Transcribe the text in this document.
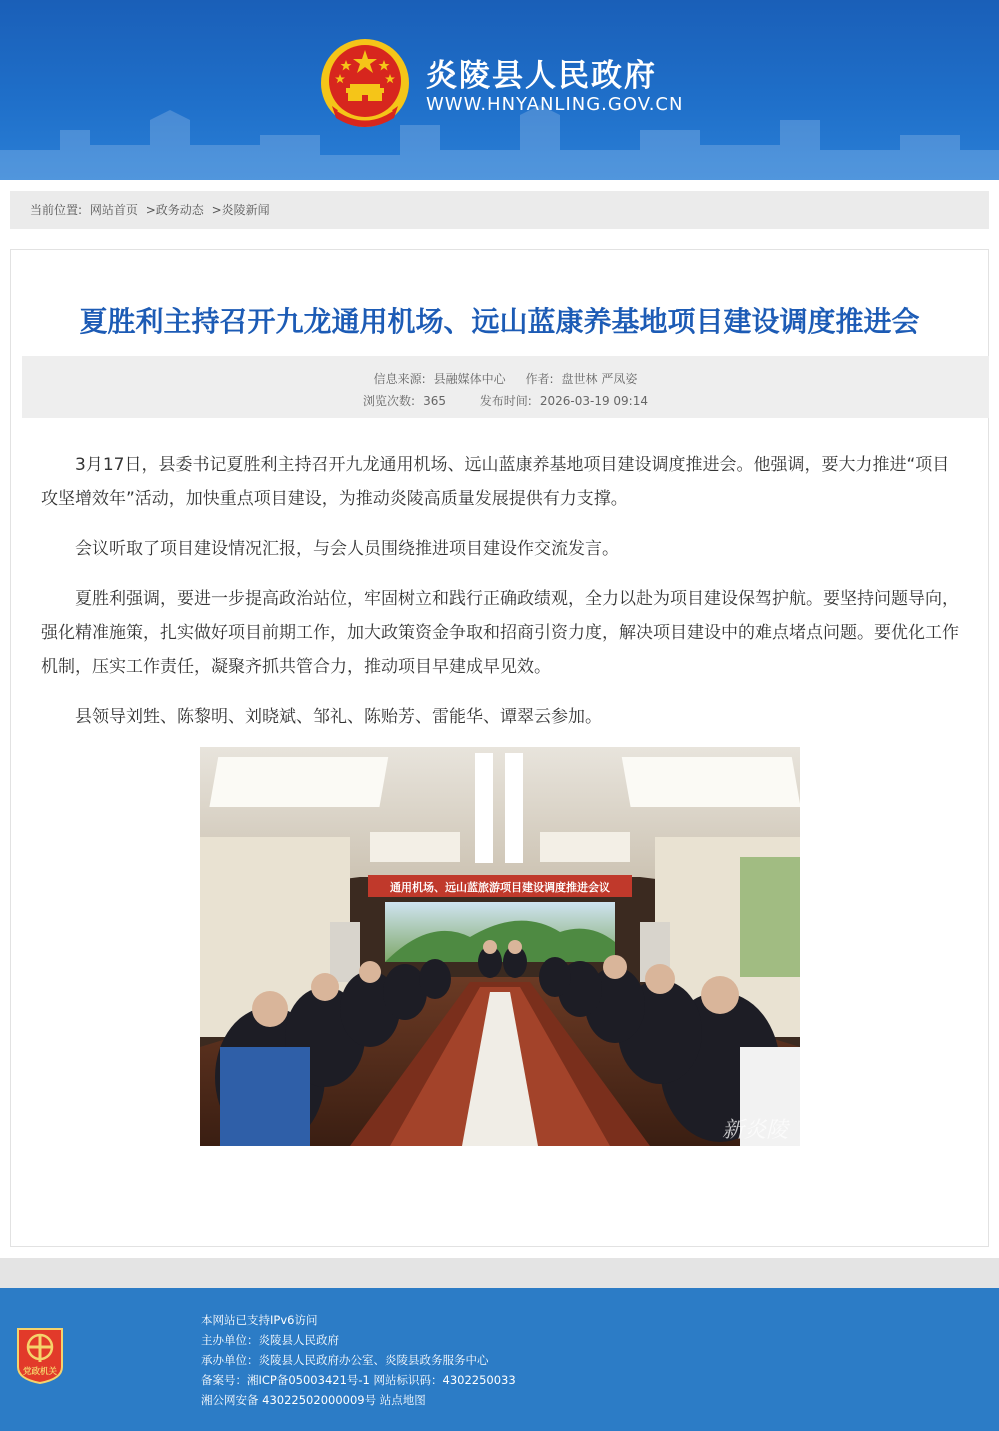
炎陵县人民政府
WWW.HNYANLING.GOV.CN
当前位置: 网站首页 >政务动态 >炎陵新闻
夏胜利主持召开九龙通用机场、远山蓝康养基地项目建设调度推进会
信息来源: 县融媒体中心 作者: 盘世林 严凤姿
浏览次数: 365	发布时间: 2026-03-19 09:14

3月17日，县委书记夏胜利主持召开九龙通用机场、远山蓝康养基地项目建设调度推进会。他强调，要大力推进“项目攻坚增效年”活动，加快重点项目建设，为推动炎陵高质量发展提供有力支撑。

会议听取了项目建设情况汇报，与会人员围绕推进项目建设作交流发言。

夏胜利强调，要进一步提高政治站位，牢固树立和践行正确政绩观，全力以赴为项目建设保驾护航。要坚持问题导向，强化精准施策，扎实做好项目前期工作，加大政策资金争取和招商引资力度，解决项目建设中的难点堵点问题。要优化工作机制，压实工作责任，凝聚齐抓共管合力，推动项目早建成早见效。

县领导刘甡、陈黎明、刘晓斌、邹礼、陈贻芳、雷能华、谭翠云参加。

通用机场、远山蓝旅游项目建设调度推进会议
新炎陵
党政机关
本网站已支持IPv6访问
主办单位：炎陵县人民政府
承办单位：炎陵县人民政府办公室、炎陵县政务服务中心
备案号：湘ICP备05003421号-1 网站标识码：4302250033
湘公网安备 43022502000009号 站点地图
